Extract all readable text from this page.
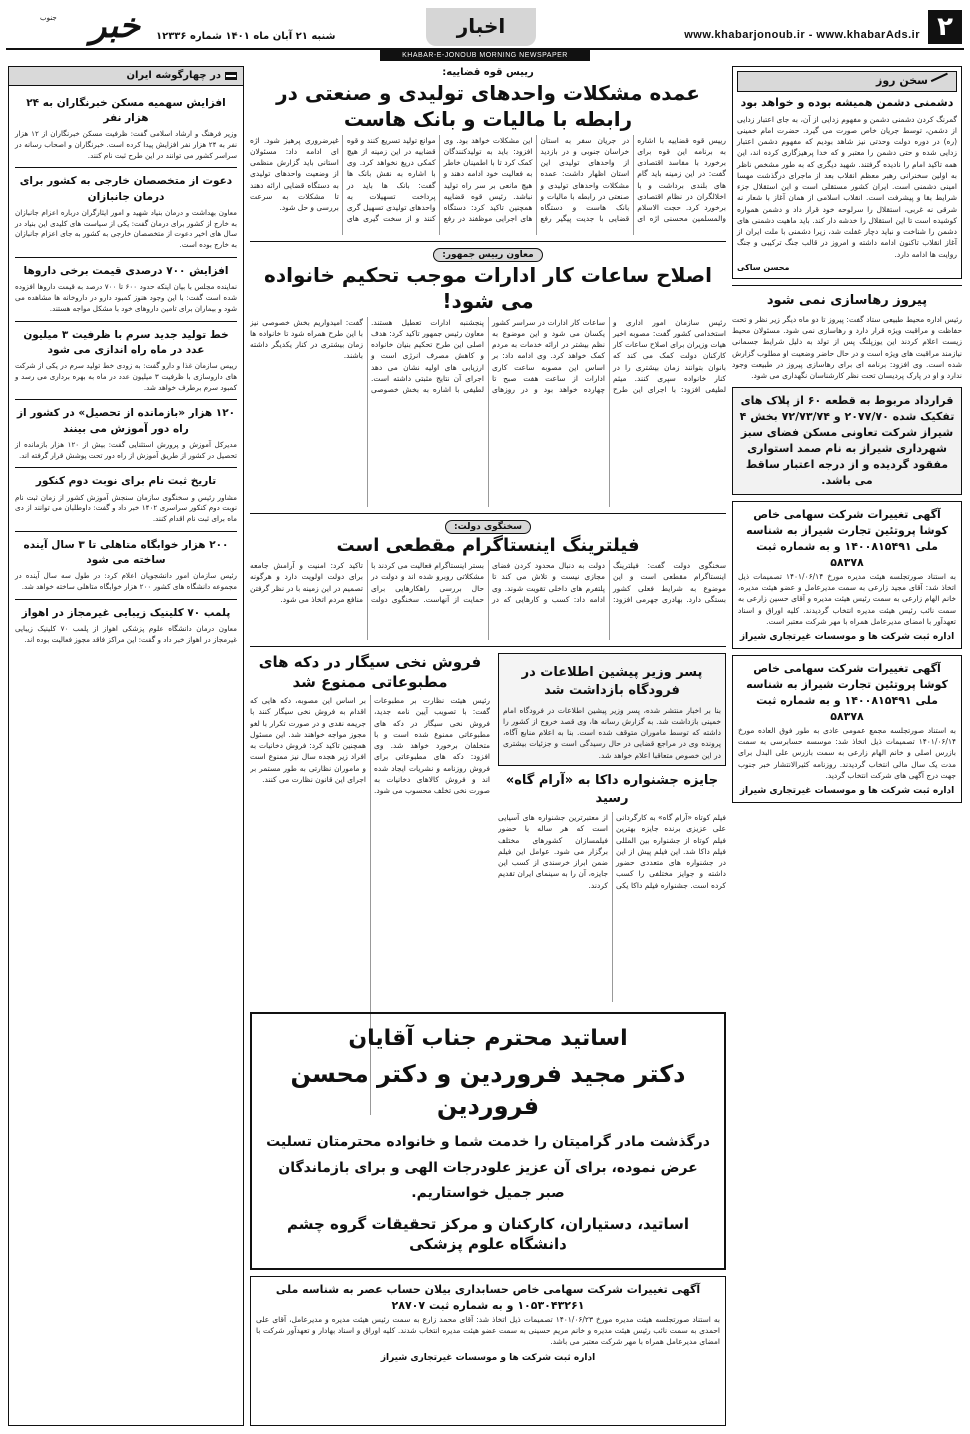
۲
www.khabarjonoub.ir - www.khabarAds.ir
اخبار
شنبه ۲۱ آبان ماه ۱۴۰۱ شماره ۱۲۳۳۶
خبر
جنوب
KHABAR-E-JONOUB MORNING NEWSPAPER
سخن روز
دشمنی دشمن همیشه بوده و خواهد بود

گمرنگ کردن دشمنی دشمن و مفهوم زدایی از آن، به جای اعتبار زدایی از دشمن، توسط جریان خاص صورت می گیرد. حضرت امام خمینی (ره) در دوره دولت وحدتی نیز شاهد بودیم که مفهوم دشمن اعتبار زدایی شده و حتی دشمن را معتبر و که خدا پرهیزگاری کرده اند، این همه تاکید امام را نادیده گرفتند. شهید دیگری که به طور مشخص ناظر به اولین سخنرانی رهبر معظم انقلاب بعد از ماجرای درگذشت مهسا امینی دشمنی است. ایران کشور مستقلی است و این استقلال جزء شرایط بقا و پیشرفت است. انقلاب اسلامی از همان آغاز با شعار نه شرقی نه غربی، استقلال را سرلوحه خود قرار داد و دشمن همواره کوشیده است تا این استقلال را خدشه دار کند. باید ماهیت دشمنی های دشمن را شناخت و نباید دچار غفلت شد، زیرا دشمنی با ملت ایران از آغاز انقلاب تاکنون ادامه داشته و امروز در قالب جنگ ترکیبی و جنگ روایت ها ادامه دارد.

محسن ساکی
پیروز رهاسازی نمی شود

رئیس اداره محیط طبیعی ستاد گفت: پیروز تا دو ماه دیگر زیر نظر و تحت حفاظت و مراقبت ویژه قرار دارد و رهاسازی نمی شود. مسئولان محیط زیست اعلام کردند این یوزپلنگ پس از تولد به دلیل شرایط جسمانی نیازمند مراقبت های ویژه است و در حال حاضر وضعیت او مطلوب گزارش شده است. وی افزود: برنامه ای برای رهاسازی پیروز در طبیعت وجود ندارد و او در پارک پردیسان تحت نظر کارشناسان نگهداری می شود.

قرارداد مربوط به قطعه ۶۰ از پلاک های تفکیک شده ۲۰۷۷/۷۰ و ۷۲/۷۳/۷۴ بخش ۴ شیراز شرکت تعاونی مسکن فضای سبز شهرداری شیراز به نام صمد استواری مفقود گردیده و از درجه اعتبار ساقط می باشد.
آگهی تغییرات شرکت سهامی خاص کوشا پروتئین تجارت شیراز به شناسه ملی ۱۴۰۰۸۱۵۴۹۱ و به شماره ثبت ۵۸۳۷۸

به استناد صورتجلسه هیئت مدیره مورخ ۱۴۰۱/۰۶/۱۴ تصمیمات ذیل اتخاذ شد: آقای مجید زارعی به سمت مدیرعامل و عضو هیئت مدیره، خانم الهام زارعی به سمت رئیس هیئت مدیره و آقای حسین زارعی به سمت نائب رئیس هیئت مدیره انتخاب گردیدند. کلیه اوراق و اسناد تعهدآور با امضای مدیرعامل همراه با مهر شرکت معتبر است.

اداره ثبت شرکت ها و موسسات غیرتجاری شیراز
آگهی تغییرات شرکت سهامی خاص کوشا پروتئین تجارت شیراز به شناسه ملی ۱۴۰۰۸۱۵۴۹۱ و به شماره ثبت ۵۸۳۷۸

به استناد صورتجلسه مجمع عمومی عادی به طور فوق العاده مورخ ۱۴۰۱/۰۶/۱۴ تصمیمات ذیل اتخاذ شد: موسسه حسابرسی به سمت بازرس اصلی و خانم الهام زارعی به سمت بازرس علی البدل برای مدت یک سال مالی انتخاب گردیدند. روزنامه کثیرالانتشار خبر جنوب جهت درج آگهی های شرکت انتخاب گردید.

اداره ثبت شرکت ها و موسسات غیرتجاری شیراز
رییس قوه قضاییه:
عمده مشکلات واحدهای تولیدی و صنعتی در رابطه با مالیات و بانک هاست

رییس قوه قضاییه با اشاره به برنامه این قوه برای برخورد با مفاسد اقتصادی گفت: در این زمینه باید گام های بلندی برداشت و با اخلالگران در نظام اقتصادی برخورد کرد. حجت الاسلام والمسلمین محسنی اژه ای در جریان سفر به استان خراسان جنوبی و در بازدید از واحدهای تولیدی این استان اظهار داشت: عمده مشکلات واحدهای تولیدی و صنعتی در رابطه با مالیات و بانک هاست و دستگاه قضایی با جدیت پیگیر رفع این مشکلات خواهد بود. وی افزود: باید به تولیدکنندگان کمک کرد تا با اطمینان خاطر به فعالیت خود ادامه دهند و هیچ مانعی بر سر راه تولید نباشد. رئیس قوه قضاییه همچنین تاکید کرد: دستگاه های اجرایی موظفند در رفع موانع تولید تسریع کنند و قوه قضاییه در این زمینه از هیچ کمکی دریغ نخواهد کرد. وی با اشاره به نقش بانک ها گفت: بانک ها باید در پرداخت تسهیلات به واحدهای تولیدی تسهیل گری کنند و از سخت گیری های غیرضروری پرهیز شود. اژه ای ادامه داد: مسئولان استانی باید گزارش منظمی از وضعیت واحدهای تولیدی به دستگاه قضایی ارائه دهند تا مشکلات به سرعت بررسی و حل شود.

معاون رییس جمهور:
اصلاح ساعات کار ادارات موجب تحکیم خانواده می شود!

رئیس سازمان امور اداری و استخدامی کشور گفت: مصوبه اخیر هیات وزیران برای اصلاح ساعات کار کارکنان دولت کمک می کند که بانوان بتوانند زمان بیشتری را در کنار خانواده سپری کنند. میثم لطیفی افزود: با اجرای این طرح ساعات کار ادارات در سراسر کشور یکسان می شود و این موضوع به نظم بیشتر در ارائه خدمات به مردم کمک خواهد کرد. وی ادامه داد: بر اساس این مصوبه ساعت کاری ادارات از ساعت هفت صبح تا چهارده خواهد بود و در روزهای پنجشنبه ادارات تعطیل هستند. معاون رئیس جمهور تاکید کرد: هدف اصلی این طرح تحکیم بنیان خانواده و کاهش مصرف انرژی است و ارزیابی های اولیه نشان می دهد اجرای آن نتایج مثبتی داشته است. لطیفی با اشاره به بخش خصوصی گفت: امیدواریم بخش خصوصی نیز با این طرح همراه شود تا خانواده ها زمان بیشتری در کنار یکدیگر داشته باشند.

سخنگوی دولت:
فیلترینگ اینستاگرام مقطعی است

سخنگوی دولت گفت: فیلترینگ اینستاگرام مقطعی است و این موضوع به شرایط فعلی کشور بستگی دارد. بهادری جهرمی افزود: دولت به دنبال محدود کردن فضای مجازی نیست و تلاش می کند تا پلتفرم های داخلی تقویت شوند. وی ادامه داد: کسب و کارهایی که در بستر اینستاگرام فعالیت می کردند با مشکلاتی روبرو شده اند و دولت در حال بررسی راهکارهایی برای حمایت از آنهاست. سخنگوی دولت تاکید کرد: امنیت و آرامش جامعه برای دولت اولویت دارد و هرگونه تصمیم در این زمینه با در نظر گرفتن منافع مردم اتخاذ می شود.

پسر وزیر پیشین اطلاعات در فرودگاه بازداشت شد

بنا بر اخبار منتشر شده، پسر وزیر پیشین اطلاعات در فرودگاه امام خمینی بازداشت شد. به گزارش رسانه ها، وی قصد خروج از کشور را داشته که توسط ماموران متوقف شده است. بنا به اعلام منابع آگاه، پرونده وی در مراجع قضایی در حال رسیدگی است و جزئیات بیشتری در این خصوص متعاقبا اعلام خواهد شد.

جایزه جشنواره داکا به «آرام گاه» رسید

فیلم کوتاه «آرام گاه» به کارگردانی علی عزیزی برنده جایزه بهترین فیلم کوتاه از جشنواره بین المللی فیلم داکا شد. این فیلم پیش از این در جشنواره های متعددی حضور داشته و جوایز مختلفی را کسب کرده است. جشنواره فیلم داکا یکی از معتبرترین جشنواره های آسیایی است که هر ساله با حضور فیلمسازان کشورهای مختلف برگزار می شود. عوامل این فیلم ضمن ابراز خرسندی از کسب این جایزه، آن را به سینمای ایران تقدیم کردند.

فروش نخی سیگار در دکه های مطبوعاتی ممنوع شد

رئیس هیئت نظارت بر مطبوعات گفت: با تصویب آیین نامه جدید، فروش نخی سیگار در دکه های مطبوعاتی ممنوع شده است و با متخلفان برخورد خواهد شد. وی افزود: دکه های مطبوعاتی برای فروش روزنامه و نشریات ایجاد شده اند و فروش کالاهای دخانیات به صورت نخی تخلف محسوب می شود. بر اساس این مصوبه، دکه هایی که اقدام به فروش نخی سیگار کنند با جریمه نقدی و در صورت تکرار با لغو مجوز مواجه خواهند شد. این مسئول همچنین تاکید کرد: فروش دخانیات به افراد زیر هجده سال نیز ممنوع است و ماموران نظارتی به طور مستمر بر اجرای این قانون نظارت می کنند.

اساتید محترم جناب آقایان
دکتر مجید فروردین و دکتر محسن فروردین
درگذشت مادر گرامیتان را خدمت شما و خانواده محترمتان تسلیت عرض نموده، برای آن عزیز علودرجات الهی و برای بازماندگان صبر جمیل خواستاریم.
اساتید، دستیاران، کارکنان و مرکز تحقیقات گروه چشم
دانشگاه علوم پزشکی
آگهی تغییرات شرکت سهامی خاص حسابداری بیلان حساب عصر به شناسه ملی ۱۰۵۳۰۴۳۲۶۱ و به شماره ثبت ۲۸۷۰۷

به استناد صورتجلسه هیئت مدیره مورخ ۱۴۰۱/۰۶/۲۳ تصمیمات ذیل اتخاذ شد: آقای محمد زارع به سمت رئیس هیئت مدیره و مدیرعامل، آقای علی احمدی به سمت نائب رئیس هیئت مدیره و خانم مریم حسینی به سمت عضو هیئت مدیره انتخاب شدند. کلیه اوراق و اسناد بهادار و تعهدآور شرکت با امضای مدیرعامل همراه با مهر شرکت معتبر می باشد.

اداره ثبت شرکت ها و موسسات غیرتجاری شیراز
در چهارگوشه ایران
افزایش سهمیه مسکن خبرنگاران به ۲۴ هزار نفر

وزیر فرهنگ و ارشاد اسلامی گفت: ظرفیت مسکن خبرنگاران از ۱۲ هزار نفر به ۲۴ هزار نفر افزایش پیدا کرده است. خبرنگاران و اصحاب رسانه در سراسر کشور می توانند در این طرح ثبت نام کنند.

دعوت از متخصصان خارجی به کشور برای درمان جانبازان

معاون بهداشت و درمان بنیاد شهید و امور ایثارگران درباره اعزام جانبازان به خارج از کشور برای درمان گفت: یکی از سیاست های کلیدی این بنیاد در سال های اخیر دعوت از متخصصان خارجی به کشور به جای اعزام جانبازان به خارج بوده است.

افزایش ۷۰۰ درصدی قیمت برخی داروها

نماینده مجلس با بیان اینکه حدود ۶۰۰ تا ۷۰۰ درصد به قیمت داروها افزوده شده است گفت: با این وجود هنوز کمبود دارو در داروخانه ها مشاهده می شود و بیماران برای تامین داروهای خود با مشکل مواجه هستند.

خط تولید جدید سرم با ظرفیت ۳ میلیون عدد در ماه راه اندازی می شود

رییس سازمان غذا و دارو گفت: به زودی خط تولید سرم در یکی از شرکت های داروسازی با ظرفیت ۳ میلیون عدد در ماه به بهره برداری می رسد و کمبود سرم برطرف خواهد شد.

۱۲۰ هزار «بازمانده از تحصیل» در کشور از راه دور آموزش می بینند

مدیرکل آموزش و پرورش استثنایی گفت: بیش از ۱۲۰ هزار بازمانده از تحصیل در کشور از طریق آموزش از راه دور تحت پوشش قرار گرفته اند.

تاریخ ثبت نام برای نوبت دوم کنکور

مشاور رئیس و سخنگوی سازمان سنجش آموزش کشور از زمان ثبت نام نوبت دوم کنکور سراسری ۱۴۰۲ خبر داد و گفت: داوطلبان می توانند از دی ماه برای ثبت نام اقدام کنند.

۲۰۰ هزار خوابگاه متاهلی تا ۳ سال آینده ساخته می شود

رئیس سازمان امور دانشجویان اعلام کرد: در طول سه سال آینده در مجموعه دانشگاه های کشور ۲۰۰ هزار خوابگاه متاهلی ساخته خواهد شد.

پلمب ۷۰ کلینیک زیبایی غیرمجاز در اهواز

معاون درمان دانشگاه علوم پزشکی اهواز از پلمب ۷۰ کلینیک زیبایی غیرمجاز در اهواز خبر داد و گفت: این مراکز فاقد مجوز فعالیت بوده اند.
